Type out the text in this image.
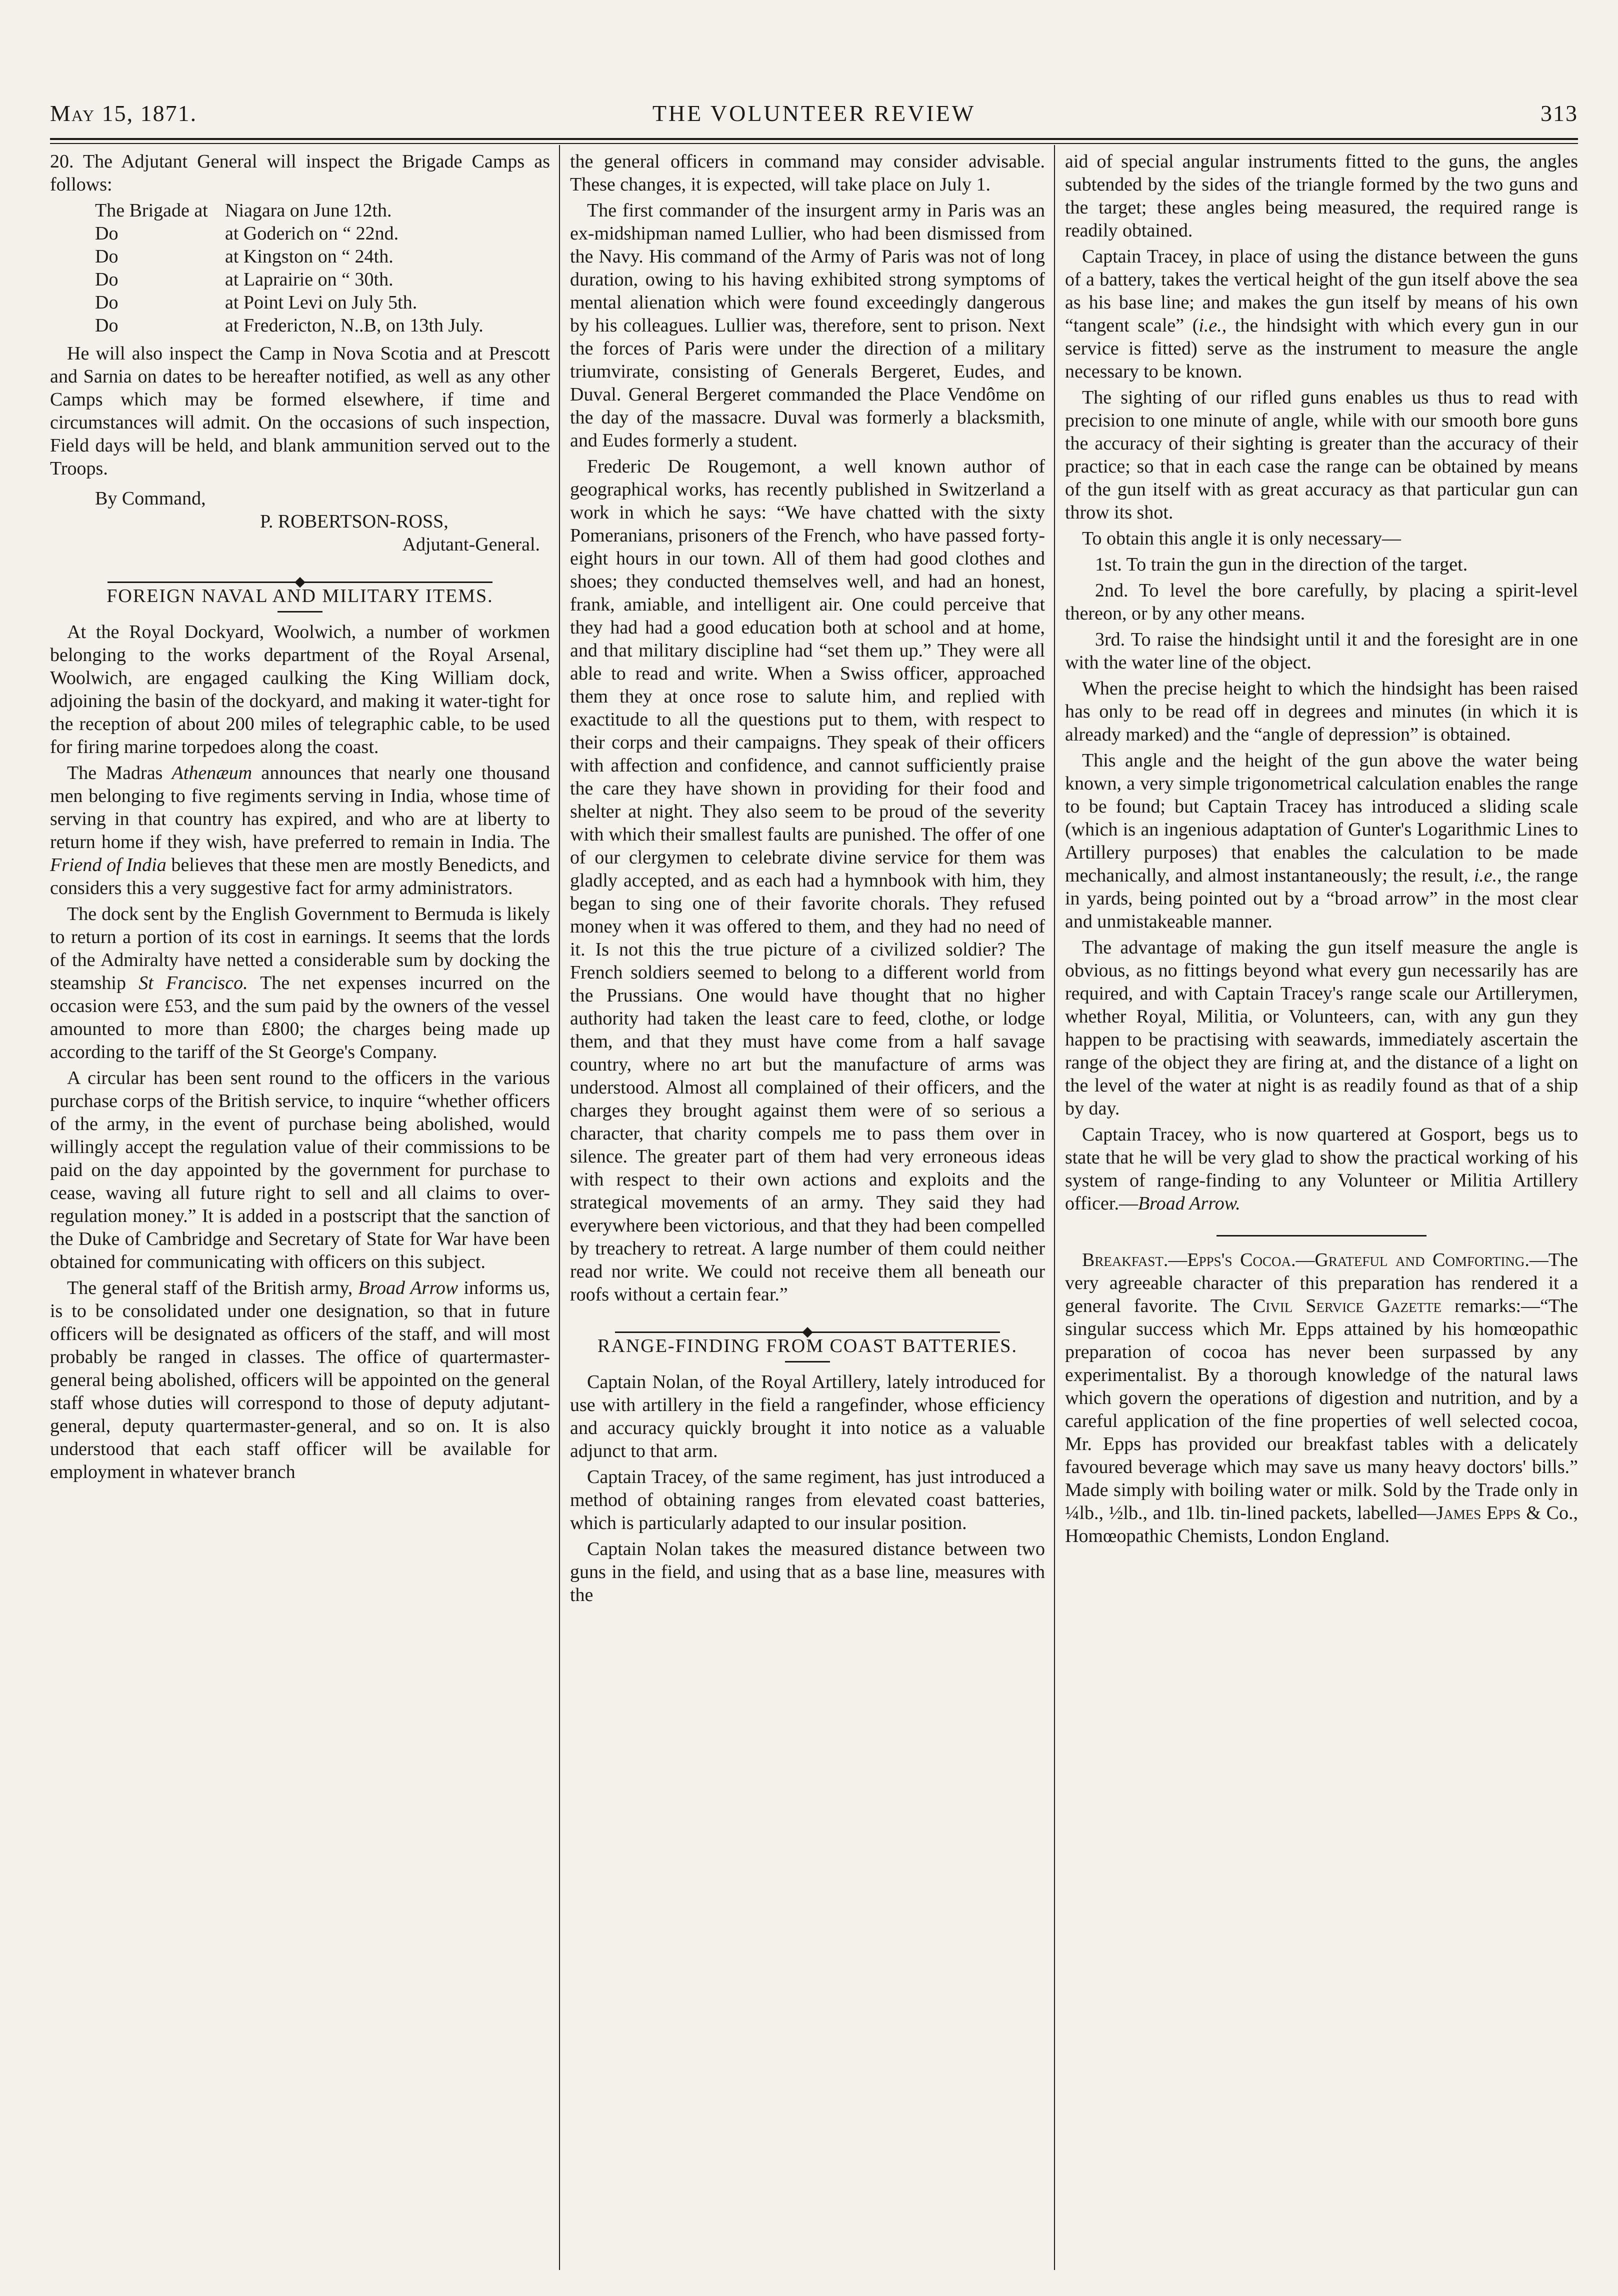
May 15, 1871.	THE VOLUNTEER REVIEW	313

20. The Adjutant General will inspect the Brigade Camps as follows:

The Brigade at Niagara on June 12th.
Do	at Goderich on “ 22nd.
Do	at Kingston on “ 24th.
Do	at Laprairie on “ 30th.
Do	at Point Levi on July 5th.
Do	at Fredericton, N..B, on 13th July.

He will also inspect the Camp in Nova Scotia and at Prescott and Sarnia on dates to be hereafter notified, as well as any other Camps which may be formed elsewhere, if time and circumstances will admit. On the occasions of such inspection, Field days will be held, and blank ammunition served out to the Troops.

By Command,
P. ROBERTSON-ROSS,
Adjutant-General.
◆
FOREIGN NAVAL AND MILITARY ITEMS.

At the Royal Dockyard, Woolwich, a number of workmen belonging to the works department of the Royal Arsenal, Woolwich, are engaged caulking the King William dock, adjoining the basin of the dockyard, and making it water-tight for the reception of about 200 miles of telegraphic cable, to be used for firing marine torpedoes along the coast.

The Madras Athenæum announces that nearly one thousand men belonging to five regiments serving in India, whose time of serving in that country has expired, and who are at liberty to return home if they wish, have preferred to remain in India. The Friend of India believes that these men are mostly Benedicts, and considers this a very suggestive fact for army administrators.

The dock sent by the English Government to Bermuda is likely to return a portion of its cost in earnings. It seems that the lords of the Admiralty have netted a considerable sum by docking the steamship St Francisco. The net expenses incurred on the occasion were £53, and the sum paid by the owners of the vessel amounted to more than £800; the charges being made up according to the tariff of the St George's Company.

A circular has been sent round to the officers in the various purchase corps of the British service, to inquire “whether officers of the army, in the event of purchase being abolished, would willingly accept the regulation value of their commissions to be paid on the day appointed by the government for purchase to cease, waving all future right to sell and all claims to over-regulation money.” It is added in a postscript that the sanction of the Duke of Cambridge and Secretary of State for War have been obtained for communicating with officers on this subject.

The general staff of the British army, Broad Arrow informs us, is to be consolidated under one designation, so that in future officers will be designated as officers of the staff, and will most probably be ranged in classes. The office of quartermaster-general being abolished, officers will be appointed on the general staff whose duties will correspond to those of deputy adjutant-general, deputy quartermaster-general, and so on. It is also understood that each staff officer will be available for employment in whatever branch

the general officers in command may consider advisable. These changes, it is expected, will take place on July 1.

The first commander of the insurgent army in Paris was an ex-midshipman named Lullier, who had been dismissed from the Navy. His command of the Army of Paris was not of long duration, owing to his having exhibited strong symptoms of mental alienation which were found exceedingly dangerous by his colleagues. Lullier was, therefore, sent to prison. Next the forces of Paris were under the direction of a military triumvirate, consisting of Generals Bergeret, Eudes, and Duval. General Bergeret commanded the Place Vendôme on the day of the massacre. Duval was formerly a blacksmith, and Eudes formerly a student.

Frederic De Rougemont, a well known author of geographical works, has recently published in Switzerland a work in which he says: “We have chatted with the sixty Pomeranians, prisoners of the French, who have passed forty-eight hours in our town. All of them had good clothes and shoes; they conducted themselves well, and had an honest, frank, amiable, and intelligent air. One could perceive that they had had a good education both at school and at home, and that military discipline had “set them up.” They were all able to read and write. When a Swiss officer, approached them they at once rose to salute him, and replied with exactitude to all the questions put to them, with respect to their corps and their campaigns. They speak of their officers with affection and confidence, and cannot sufficiently praise the care they have shown in providing for their food and shelter at night. They also seem to be proud of the severity with which their smallest faults are punished. The offer of one of our clergymen to celebrate divine service for them was gladly accepted, and as each had a hymnbook with him, they began to sing one of their favorite chorals. They refused money when it was offered to them, and they had no need of it. Is not this the true picture of a civilized soldier? The French soldiers seemed to belong to a different world from the Prussians. One would have thought that no higher authority had taken the least care to feed, clothe, or lodge them, and that they must have come from a half savage country, where no art but the manufacture of arms was understood. Almost all complained of their officers, and the charges they brought against them were of so serious a character, that charity compels me to pass them over in silence. The greater part of them had very erroneous ideas with respect to their own actions and exploits and the strategical movements of an army. They said they had everywhere been victorious, and that they had been compelled by treachery to retreat. A large number of them could neither read nor write. We could not receive them all beneath our roofs without a certain fear.”

◆
RANGE-FINDING FROM COAST BATTERIES.

Captain Nolan, of the Royal Artillery, lately introduced for use with artillery in the field a rangefinder, whose efficiency and accuracy quickly brought it into notice as a valuable adjunct to that arm.

Captain Tracey, of the same regiment, has just introduced a method of obtaining ranges from elevated coast batteries, which is particularly adapted to our insular position.

Captain Nolan takes the measured distance between two guns in the field, and using that as a base line, measures with the

aid of special angular instruments fitted to the guns, the angles subtended by the sides of the triangle formed by the two guns and the target; these angles being measured, the required range is readily obtained.

Captain Tracey, in place of using the distance between the guns of a battery, takes the vertical height of the gun itself above the sea as his base line; and makes the gun itself by means of his own “tangent scale” (i.e., the hindsight with which every gun in our service is fitted) serve as the instrument to measure the angle necessary to be known.

The sighting of our rifled guns enables us thus to read with precision to one minute of angle, while with our smooth bore guns the accuracy of their sighting is greater than the accuracy of their practice; so that in each case the range can be obtained by means of the gun itself with as great accuracy as that particular gun can throw its shot.

To obtain this angle it is only necessary—

1st. To train the gun in the direction of the target.

2nd. To level the bore carefully, by placing a spirit-level thereon, or by any other means.

3rd. To raise the hindsight until it and the foresight are in one with the water line of the object.

When the precise height to which the hindsight has been raised has only to be read off in degrees and minutes (in which it is already marked) and the “angle of depression” is obtained.

This angle and the height of the gun above the water being known, a very simple trigonometrical calculation enables the range to be found; but Captain Tracey has introduced a sliding scale (which is an ingenious adaptation of Gunter's Logarithmic Lines to Artillery purposes) that enables the calculation to be made mechanically, and almost instantaneously; the result, i.e., the range in yards, being pointed out by a “broad arrow” in the most clear and unmistakeable manner.

The advantage of making the gun itself measure the angle is obvious, as no fittings beyond what every gun necessarily has are required, and with Captain Tracey's range scale our Artillerymen, whether Royal, Militia, or Volunteers, can, with any gun they happen to be practising with seawards, immediately ascertain the range of the object they are firing at, and the distance of a light on the level of the water at night is as readily found as that of a ship by day.

Captain Tracey, who is now quartered at Gosport, begs us to state that he will be very glad to show the practical working of his system of range-finding to any Volunteer or Militia Artillery officer.—Broad Arrow.

Breakfast.—Epps's Cocoa.—Grateful and Comforting.—The very agreeable character of this preparation has rendered it a general favorite. The Civil Service Gazette remarks:—“The singular success which Mr. Epps attained by his homœopathic preparation of cocoa has never been surpassed by any experimentalist. By a thorough knowledge of the natural laws which govern the operations of digestion and nutrition, and by a careful application of the fine properties of well selected cocoa, Mr. Epps has provided our breakfast tables with a delicately favoured beverage which may save us many heavy doctors' bills.” Made simply with boiling water or milk. Sold by the Trade only in ¼lb., ½lb., and 1lb. tin-lined packets, labelled—James Epps & Co., Homœopathic Chemists, London England.
